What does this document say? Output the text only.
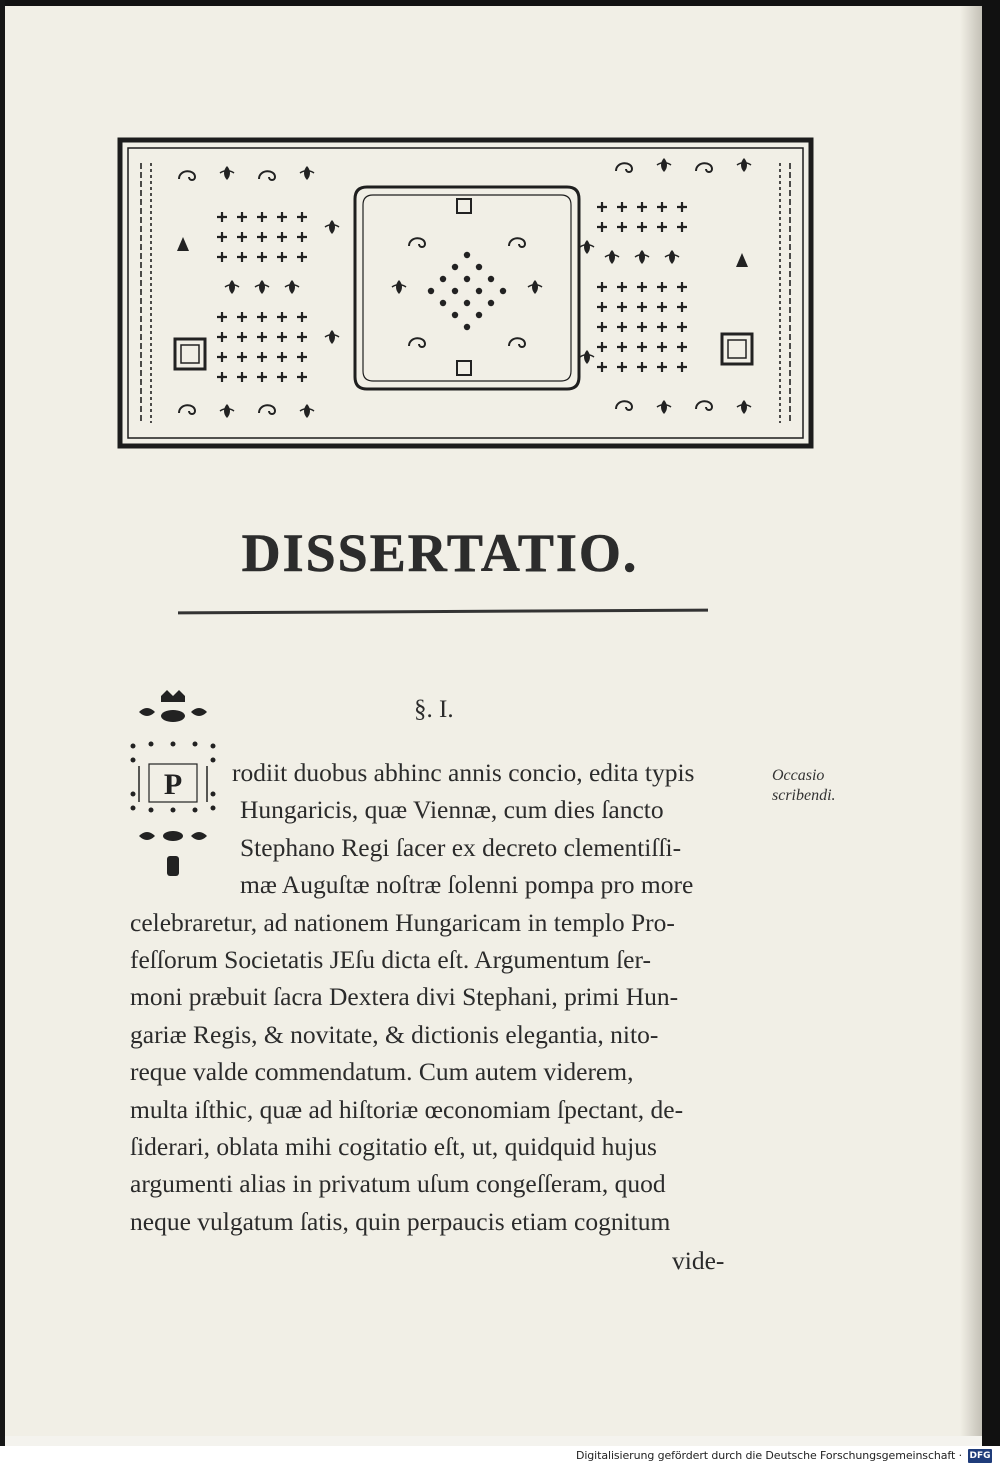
DISSERTATIO.
§. I.
P rodiit duobus abhinc annis concio, edita typis
Hungaricis, quæ Viennæ, cum dies ſancto
Stephano Regi ſacer ex decreto clementiſſi-
mæ Auguſtæ noſtræ ſolenni pompa pro more
celebraretur, ad nationem Hungaricam in templo Pro-
feſſorum Societatis JEſu dicta eſt. Argumentum ſer-
moni præbuit ſacra Dextera divi Stephani, primi Hun-
gariæ Regis, & novitate, & dictionis elegantia, nito-
reque valde commendatum. Cum autem viderem,
multa iſthic, quæ ad hiſtoriæ œconomiam ſpectant, de-
ſiderari, oblata mihi cogitatio eſt, ut, quidquid hujus
argumenti alias in privatum uſum congeſſeram, quod
neque vulgatum ſatis, quin perpaucis etiam cognitum
vide-
Occasio
scribendi.
Digitalisierung gefördert durch die Deutsche Forschungsgemeinschaft · DFG
